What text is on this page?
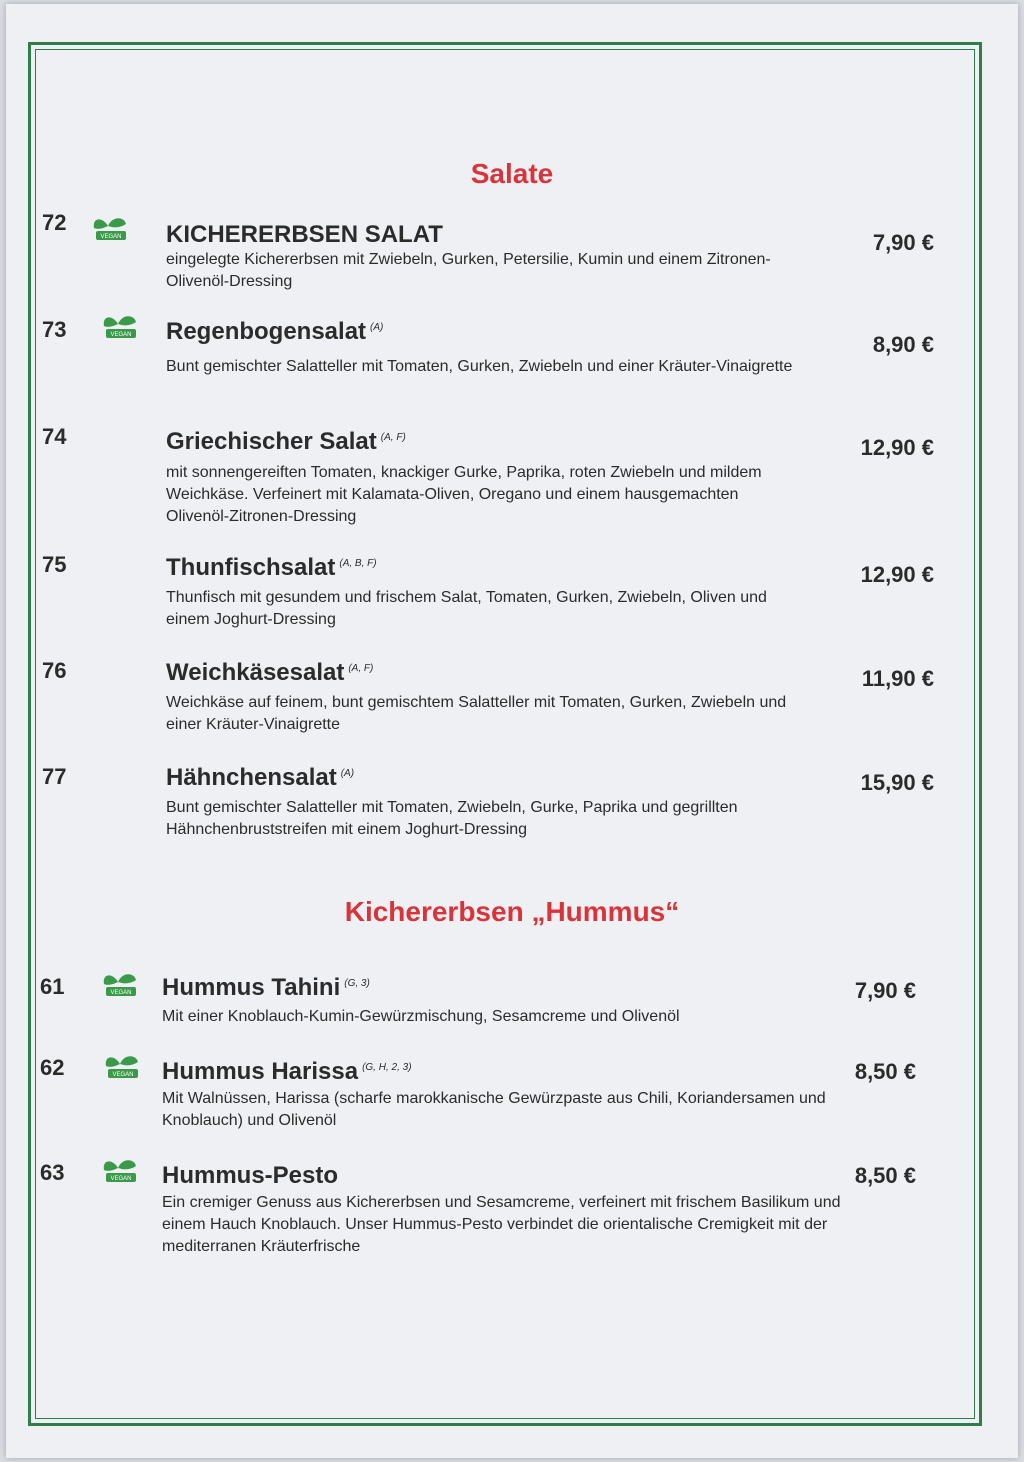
Salate
72
VEGAN KICHERERBSEN SALAT
eingelegte Kichererbsen mit Zwiebeln, Gurken, Petersilie, Kumin und einem Zitronen-Olivenöl-Dressing
7,90 €
73	VEGAN Regenbogensalat $^{(A)}$
Bunt gemischter Salatteller mit Tomaten, Gurken, Zwiebeln und einer Kräuter-Vinaigrette
8,90 €
74	Griechischer Salat $^{(A, F)}$
mit sonnengereiften Tomaten, knackiger Gurke, Paprika, roten Zwiebeln und mildem Weichkäse. Verfeinert mit Kalamata-Oliven, Oregano und einem hausgemachten Olivenöl-Zitronen-Dressing
12,90 €
75	Thunfischsalat $^{(A, B, F)}$
Thunfisch mit gesundem und frischem Salat, Tomaten, Gurken, Zwiebeln, Oliven und einem Joghurt-Dressing
12,90 €
76	Weichkäsesalat $^{(A, F)}$
Weichkäse auf feinem, bunt gemischtem Salatteller mit Tomaten, Gurken, Zwiebeln und einer Kräuter-Vinaigrette
11,90 €
77	Hähnchensalat $^{(A)}$
Bunt gemischter Salatteller mit Tomaten, Zwiebeln, Gurke, Paprika und gegrillten Hähnchenbruststreifen mit einem Joghurt-Dressing
15,90 €
Kichererbsen „Hummus“
61	VEGAN Hummus Tahini $^{(G, 3)}$
Mit einer Knoblauch-Kumin-Gewürzmischung, Sesamcreme und Olivenöl
7,90 €
62	VEGAN Hummus Harissa $^{(G, H, 2, 3)}$
Mit Walnüssen, Harissa (scharfe marokkanische Gewürzpaste aus Chili, Koriandersamen und Knoblauch) und Olivenöl
8,50 €
63	VEGAN Hummus-Pesto
Ein cremiger Genuss aus Kichererbsen und Sesamcreme, verfeinert mit frischem Basilikum und einem Hauch Knoblauch. Unser Hummus-Pesto verbindet die orientalische Cremigkeit mit der mediterranen Kräuterfrische
8,50 €
